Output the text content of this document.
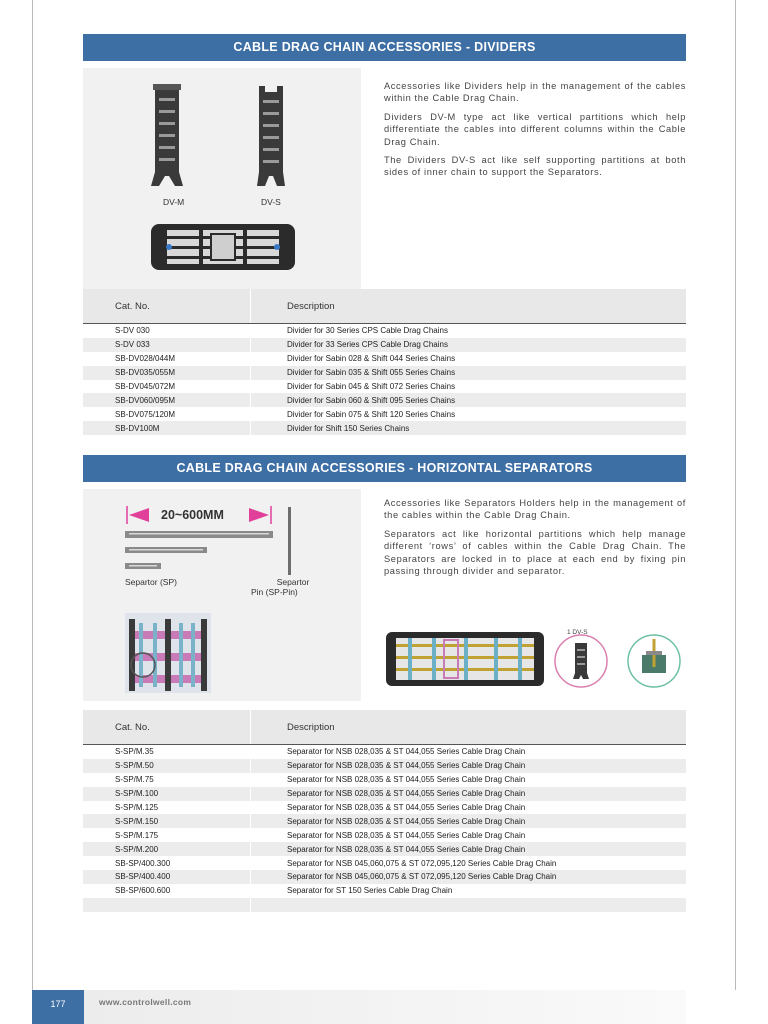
CABLE DRAG CHAIN ACCESSORIES - DIVIDERS
DV-M	DV-S

Accessories like Dividers help in the management of the cables within the Cable Drag Chain.

Dividers DV-M type act like vertical partitions which help differentiate the cables into different columns within the Cable Drag Chain.

The Dividers DV-S act like self supporting partitions at both sides of inner chain to support the Separators.

Cat. No.	Description
S-DV 030	Divider for 30 Series CPS Cable Drag Chains
S-DV 033	Divider for 33 Series CPS Cable Drag Chains
SB-DV028/044M	Divider for Sabin 028 & Shift 044 Series Chains
SB-DV035/055M	Divider for Sabin 035 & Shift 055 Series Chains
SB-DV045/072M	Divider for Sabin 045 & Shift 072 Series Chains
SB-DV060/095M	Divider for Sabin 060 & Shift 095 Series Chains
SB-DV075/120M	Divider for Sabin 075 & Shift 120 Series Chains
SB-DV100M	Divider for Shift 150 Series Chains
CABLE DRAG CHAIN ACCESSORIES - HORIZONTAL SEPARATORS
20~600MM
Separtor (SP)	Separtor
Pin (SP-Pin)

Accessories like Separators Holders help in the management of the cables within the Cable Drag Chain.

Separators act like horizontal partitions which help manage different ‘rows’ of cables within the Cable Drag Chain. The Separators are locked in to place at each end by fixing pin passing through divider and separator.

1 DV-S
Cat. No.	Description
S-SP/M.35	Separator for NSB 028,035 & ST 044,055 Series Cable Drag Chain
S-SP/M.50	Separator for NSB 028,035 & ST 044,055 Series Cable Drag Chain
S-SP/M.75	Separator for NSB 028,035 & ST 044,055 Series Cable Drag Chain
S-SP/M.100	Separator for NSB 028,035 & ST 044,055 Series Cable Drag Chain
S-SP/M.125	Separator for NSB 028,035 & ST 044,055 Series Cable Drag Chain
S-SP/M.150	Separator for NSB 028,035 & ST 044,055 Series Cable Drag Chain
S-SP/M.175	Separator for NSB 028,035 & ST 044,055 Series Cable Drag Chain
S-SP/M.200	Separator for NSB 028,035 & ST 044,055 Series Cable Drag Chain
SB-SP/400.300	Separator for NSB 045,060,075 & ST 072,095,120 Series Cable Drag Chain
SB-SP/400.400	Separator for NSB 045,060,075 & ST 072,095,120 Series Cable Drag Chain
SB-SP/600.600	Separator for ST 150 Series Cable Drag Chain

177	www.controlwell.com
